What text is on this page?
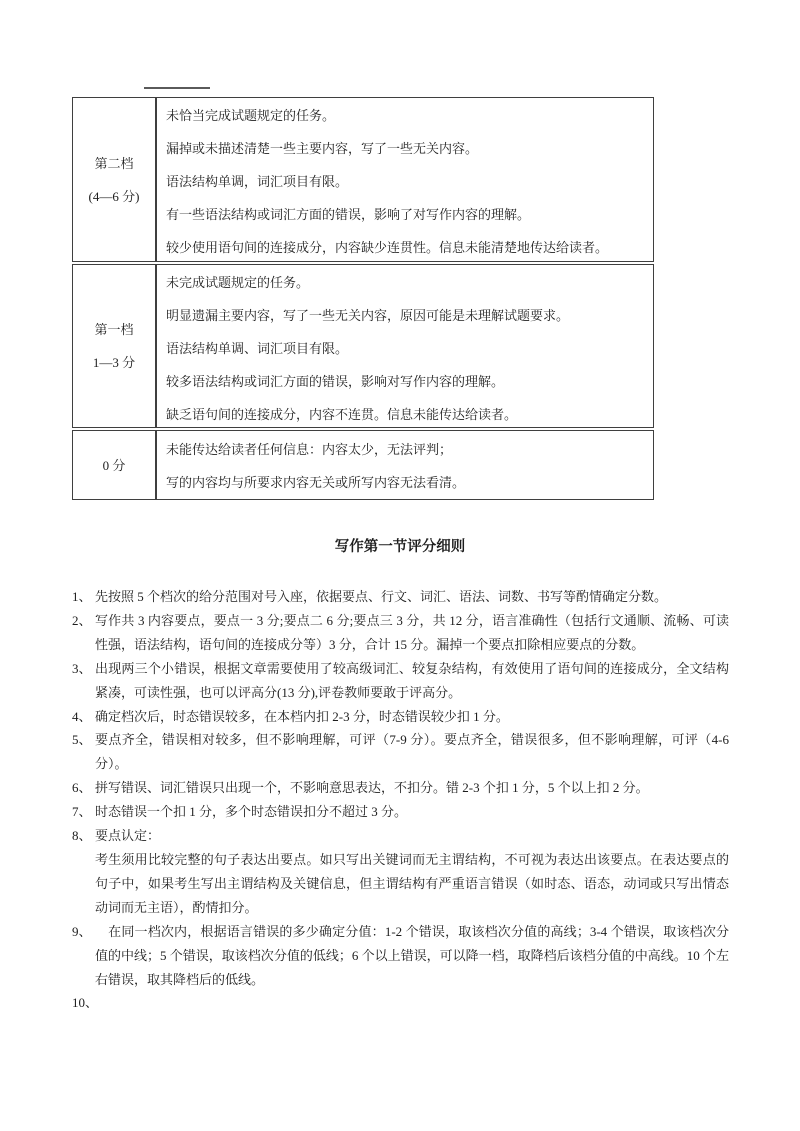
第二档
(4—6 分)
未恰当完成试题规定的任务。
漏掉或未描述清楚一些主要内容，写了一些无关内容。
语法结构单调，词汇项目有限。
有一些语法结构或词汇方面的错误，影响了对写作内容的理解。
较少使用语句间的连接成分，内容缺少连贯性。信息未能清楚地传达给读者。
第一档
1—3 分
未完成试题规定的任务。
明显遗漏主要内容，写了一些无关内容，原因可能是未理解试题要求。
语法结构单调、词汇项目有限。
较多语法结构或词汇方面的错误，影响对写作内容的理解。
缺乏语句间的连接成分，内容不连贯。信息未能传达给读者。
0 分
未能传达给读者任何信息：内容太少，无法评判；
写的内容均与所要求内容无关或所写内容无法看清。
写作第一节评分细则
1、 先按照 5 个档次的给分范围对号入座，依据要点、行文、词汇、语法、词数、书写等酌情确定分数。
2、 写作共 3 内容要点，要点一 3 分;要点二 6 分;要点三 3 分，共 12 分，语言准确性（包括行文通顺、流畅、可读性强，语法结构，语句间的连接成分等）3 分，合计 15 分。漏掉一个要点扣除相应要点的分数。
3、 出现两三个小错误，根据文章需要使用了较高级词汇、较复杂结构，有效使用了语句间的连接成分，全文结构紧凑，可读性强，也可以评高分(13 分),评卷教师要敢于评高分。
4、 确定档次后，时态错误较多，在本档内扣 2-3 分，时态错误较少扣 1 分。
5、 要点齐全，错误相对较多，但不影响理解，可评（7-9 分）。要点齐全，错误很多，但不影响理解，可评（4-6 分）。
6、 拼写错误、词汇错误只出现一个，不影响意思表达，不扣分。错 2-3 个扣 1 分，5 个以上扣 2 分。
7、 时态错误一个扣 1 分，多个时态错误扣分不超过 3 分。
8、 要点认定：
考生须用比较完整的句子表达出要点。如只写出关键词而无主谓结构，不可视为表达出该要点。在表达要点的句子中，如果考生写出主谓结构及关键信息，但主谓结构有严重语言错误（如时态、语态，动词或只写出情态动词而无主语），酌情扣分。
9、 　在同一档次内，根据语言错误的多少确定分值：1-2 个错误，取该档次分值的高线；3-4 个错误，取该档次分值的中线；5 个错误，取该档次分值的低线；6 个以上错误，可以降一档，取降档后该档分值的中高线。10 个左右错误，取其降档后的低线。
10、
